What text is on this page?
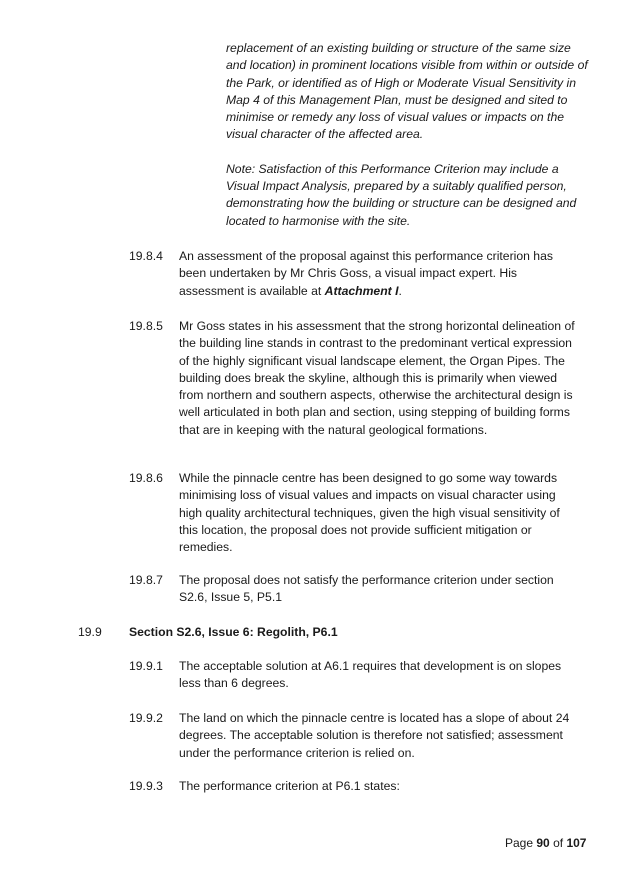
replacement of an existing building or structure of the same size and location) in prominent locations visible from within or outside of the Park, or identified as of High or Moderate Visual Sensitivity in Map 4 of this Management Plan, must be designed and sited to minimise or remedy any loss of visual values or impacts on the visual character of the affected area.

Note: Satisfaction of this Performance Criterion may include a Visual Impact Analysis, prepared by a suitably qualified person, demonstrating how the building or structure can be designed and located to harmonise with the site.

19.8.4	An assessment of the proposal against this performance criterion has been undertaken by Mr Chris Goss, a visual impact expert. His assessment is available at Attachment I.
19.8.5	Mr Goss states in his assessment that the strong horizontal delineation of the building line stands in contrast to the predominant vertical expression of the highly significant visual landscape element, the Organ Pipes. The building does break the skyline, although this is primarily when viewed from northern and southern aspects, otherwise the architectural design is well articulated in both plan and section, using stepping of building forms that are in keeping with the natural geological formations.
19.8.6	While the pinnacle centre has been designed to go some way towards minimising loss of visual values and impacts on visual character using high quality architectural techniques, given the high visual sensitivity of this location, the proposal does not provide sufficient mitigation or remedies.
19.8.7	The proposal does not satisfy the performance criterion under section S2.6, Issue 5, P5.1
19.9 Section S2.6, Issue 6: Regolith, P6.1
19.9.1	The acceptable solution at A6.1 requires that development is on slopes less than 6 degrees.
19.9.2	The land on which the pinnacle centre is located has a slope of about 24 degrees. The acceptable solution is therefore not satisfied; assessment under the performance criterion is relied on.
19.9.3	The performance criterion at P6.1 states:
Page 90 of 107
